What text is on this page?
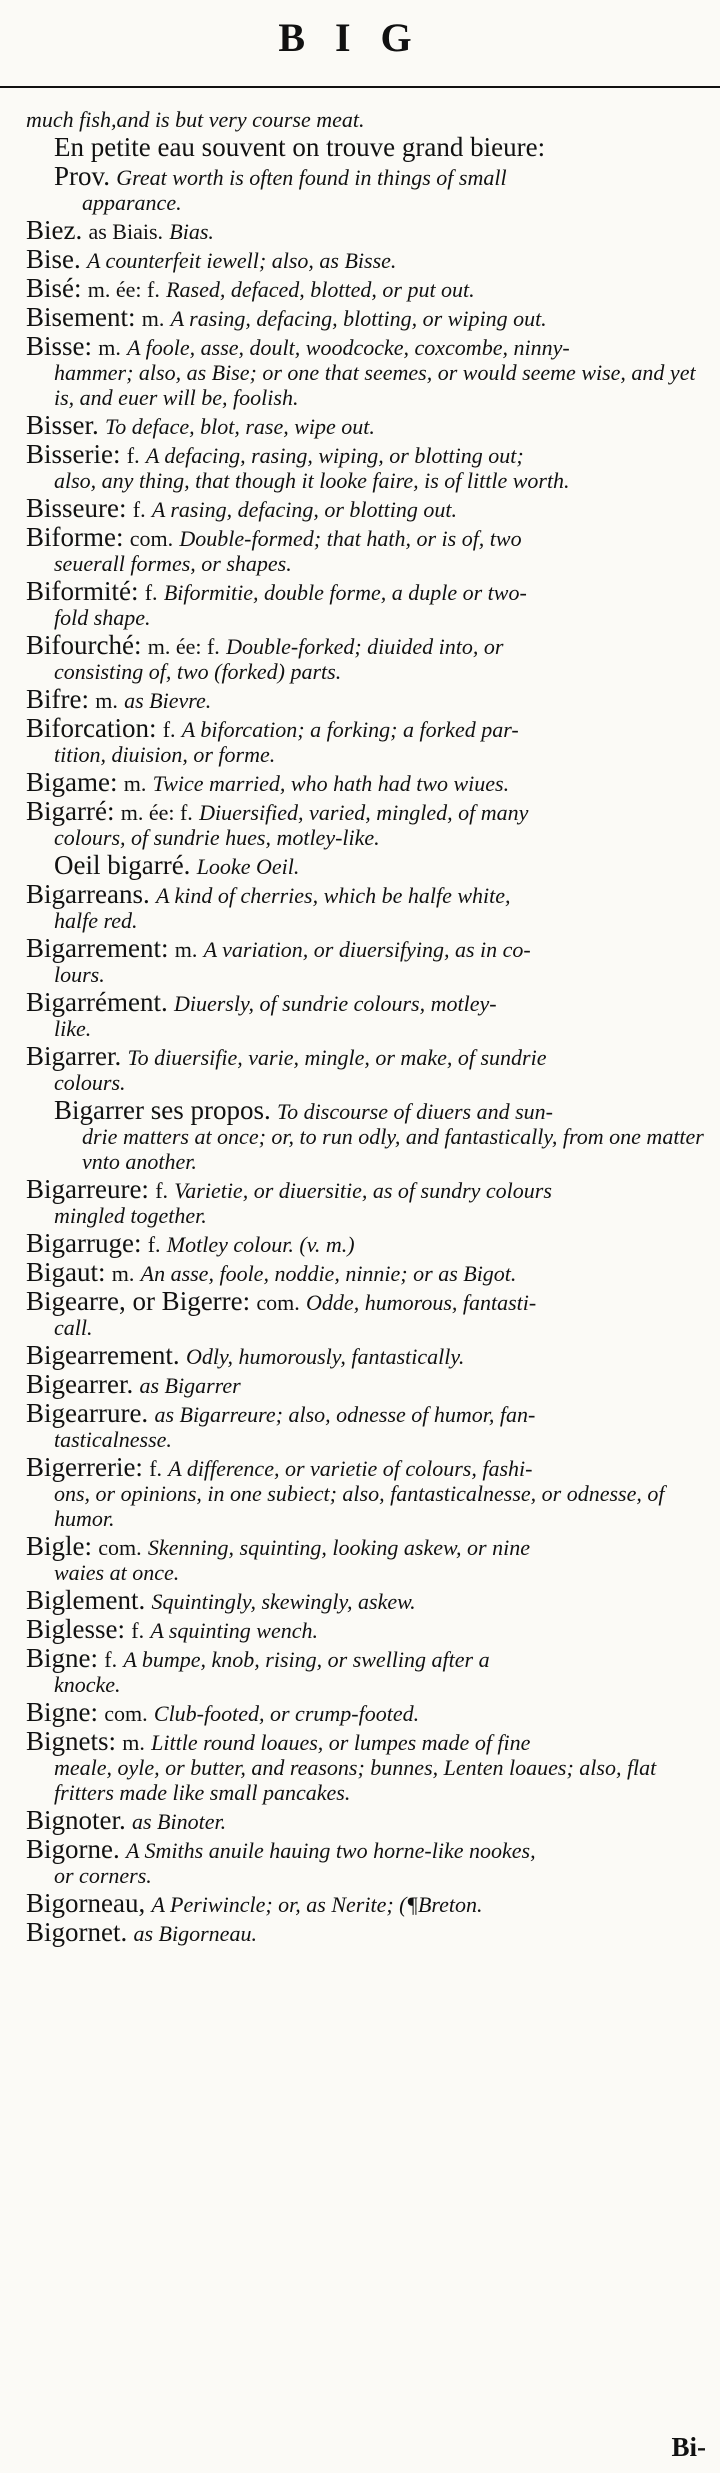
BIG
much fish,and is but very course meat.
En petite eau souvent on trouve grand bieure:
Prov. Great worth is often found in things of small
apparance.
Biez. as Biais. Bias.
Bise. A counterfeit iewell; also, as Bisse.
Bisé: m. ée: f. Rased, defaced, blotted, or put out.
Bisement: m. A rasing, defacing, blotting, or wiping out.
Bisse: m. A foole, asse, doult, woodcocke, coxcombe, ninny-
hammer; also, as Bise; or one that seemes, or would seeme wise, and yet is, and euer will be, foolish.
Bisser. To deface, blot, rase, wipe out.
Bisserie: f. A defacing, rasing, wiping, or blotting out;
also, any thing, that though it looke faire, is of little worth.
Bisseure: f. A rasing, defacing, or blotting out.
Biforme: com. Double-formed; that hath, or is of, two
seuerall formes, or shapes.
Biformité: f. Biformitie, double forme, a duple or two-
fold shape.
Bifourché: m. ée: f. Double-forked; diuided into, or
consisting of, two (forked) parts.
Bifre: m. as Bievre.
Biforcation: f. A biforcation; a forking; a forked par-
tition, diuision, or forme.
Bigame: m. Twice married, who hath had two wiues.
Bigarré: m. ée: f. Diuersified, varied, mingled, of many
colours, of sundrie hues, motley-like.
Oeil bigarré. Looke Oeil.
Bigarreans. A kind of cherries, which be halfe white,
halfe red.
Bigarrement: m. A variation, or diuersifying, as in co-
lours.
Bigarrément. Diuersly, of sundrie colours, motley-
like.
Bigarrer. To diuersifie, varie, mingle, or make, of sundrie
colours.
Bigarrer ses propos. To discourse of diuers and sun-
drie matters at once; or, to run odly, and fantastically, from one matter vnto another.
Bigarreure: f. Varietie, or diuersitie, as of sundry colours
mingled together.
Bigarruge: f. Motley colour. (v. m.)
Bigaut: m. An asse, foole, noddie, ninnie; or as Bigot.
Bigearre, or Bigerre: com. Odde, humorous, fantasti-
call.
Bigearrement. Odly, humorously, fantastically.
Bigearrer. as Bigarrer
Bigearrure. as Bigarreure; also, odnesse of humor, fan-
tasticalnesse.
Bigerrerie: f. A difference, or varietie of colours, fashi-
ons, or opinions, in one subiect; also, fantasticalnesse, or odnesse, of humor.
Bigle: com. Skenning, squinting, looking askew, or nine
waies at once.
Biglement. Squintingly, skewingly, askew.
Biglesse: f. A squinting wench.
Bigne: f. A bumpe, knob, rising, or swelling after a
knocke.
Bigne: com. Club-footed, or crump-footed.
Bignets: m. Little round loaues, or lumpes made of fine
meale, oyle, or butter, and reasons; bunnes, Lenten loaues; also, flat fritters made like small pancakes.
Bignoter. as Binoter.
Bigorne. A Smiths anuile hauing two horne-like nookes,
or corners.
Bigorneau, A Periwincle; or, as Nerite; (¶Breton.
Bigornet. as Bigorneau.
Bi-
